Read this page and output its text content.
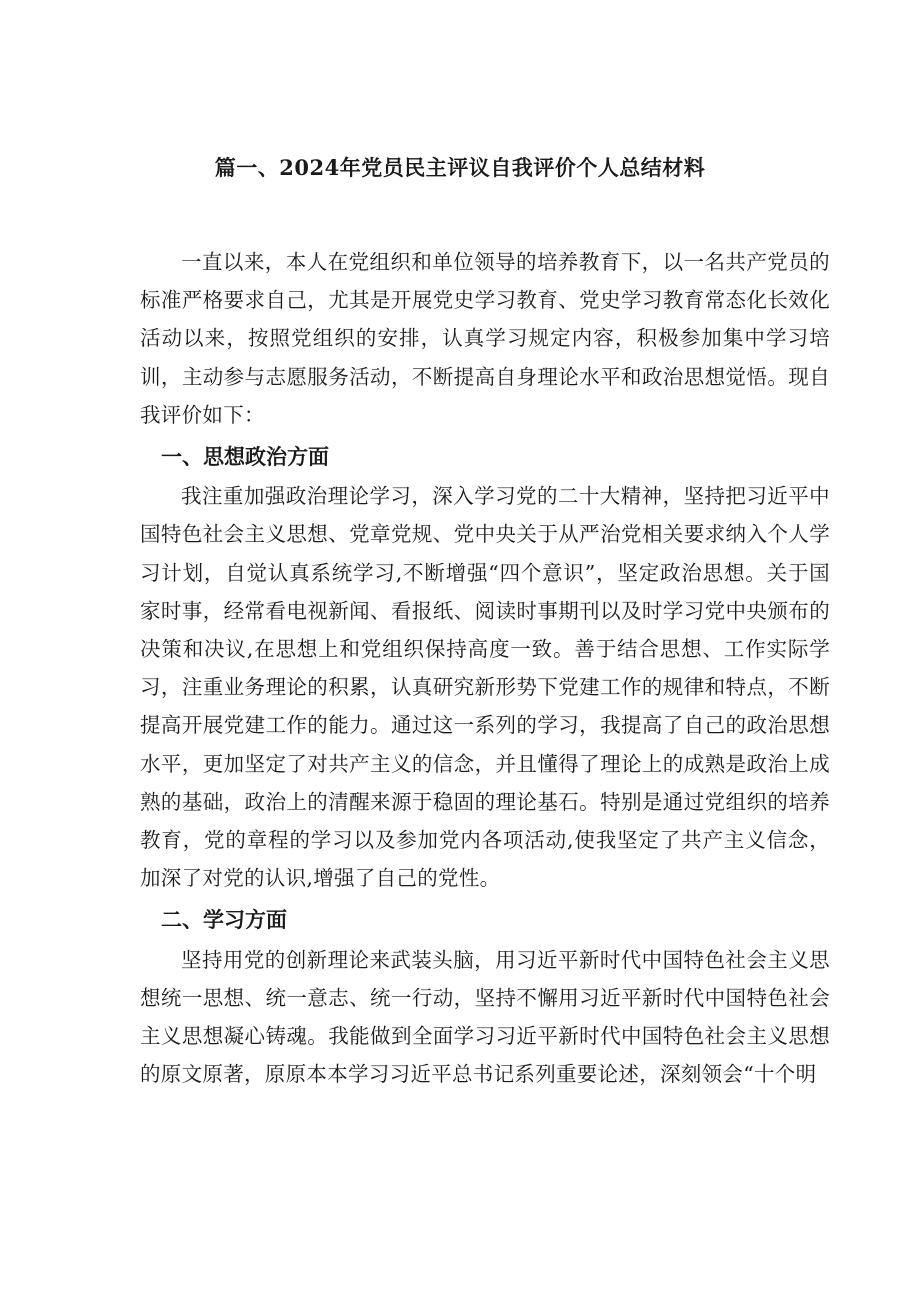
篇一、2024年党员民主评议自我评价个人总结材料

一直以来，本人在党组织和单位领导的培养教育下，以一名共产党员的标准严格要求自己，尤其是开展党史学习教育、党史学习教育常态化长效化活动以来，按照党组织的安排，认真学习规定内容，积极参加集中学习培训，主动参与志愿服务活动，不断提高自身理论水平和政治思想觉悟。现自我评价如下：

一、思想政治方面

我注重加强政治理论学习，深入学习党的二十大精神，坚持把习近平中国特色社会主义思想、党章党规、党中央关于从严治党相关要求纳入个人学习计划，自觉认真系统学习,不断增强“四个意识”，坚定政治思想。关于国家时事，经常看电视新闻、看报纸、阅读时事期刊以及时学习党中央颁布的决策和决议,在思想上和党组织保持高度一致。善于结合思想、工作实际学习，注重业务理论的积累，认真研究新形势下党建工作的规律和特点，不断提高开展党建工作的能力。通过这一系列的学习，我提高了自己的政治思想水平，更加坚定了对共产主义的信念，并且懂得了理论上的成熟是政治上成熟的基础，政治上的清醒来源于稳固的理论基石。特别是通过党组织的培养教育，党的章程的学习以及参加党内各项活动,使我坚定了共产主义信念，加深了对党的认识,增强了自己的党性。

二、学习方面

坚持用党的创新理论来武装头脑，用习近平新时代中国特色社会主义思想统一思想、统一意志、统一行动，坚持不懈用习近平新时代中国特色社会主义思想凝心铸魂。我能做到全面学习习近平新时代中国特色社会主义思想的原文原著，原原本本学习习近平总书记系列重要论述，深刻领会“十个明
